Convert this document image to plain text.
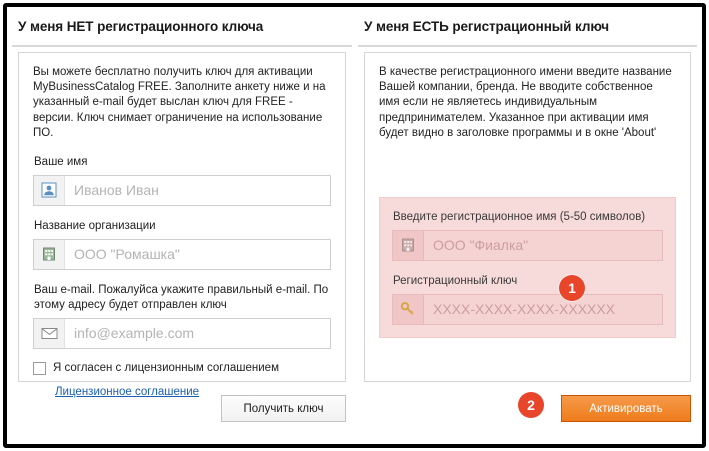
У меня НЕТ регистрационного ключа
Вы можете бесплатно получить ключ для активации MyBusinessCatalog FREE. Заполните анкету ниже и на указанный e-mail будет выслан ключ для FREE - версии. Ключ снимает ограничение на использование ПО.
Ваше имя
Иванов Иван
Название организации
ООО "Ромашка"
Ваш e-mail. Пожалуйса укажите правильный e-mail. По этому адресу будет отправлен ключ
info@example.com
Я согласен с лицензионным соглашением
Лицензионное соглашение
Получить ключ
У меня ЕСТЬ регистрационный ключ
В качестве регистрационного имени введите название Вашей компании, бренда. Не вводите собственное имя если не являетесь индивидуальным предпринимателем. Указанное при активации имя будет видно в заголовке программы и в окне 'About'
Введите регистрационное имя (5-50 символов)
ООО "Фиалка"
Регистрационный ключ
XXXX-XXXX-XXXX-XXXXXX
Активировать
1
2
